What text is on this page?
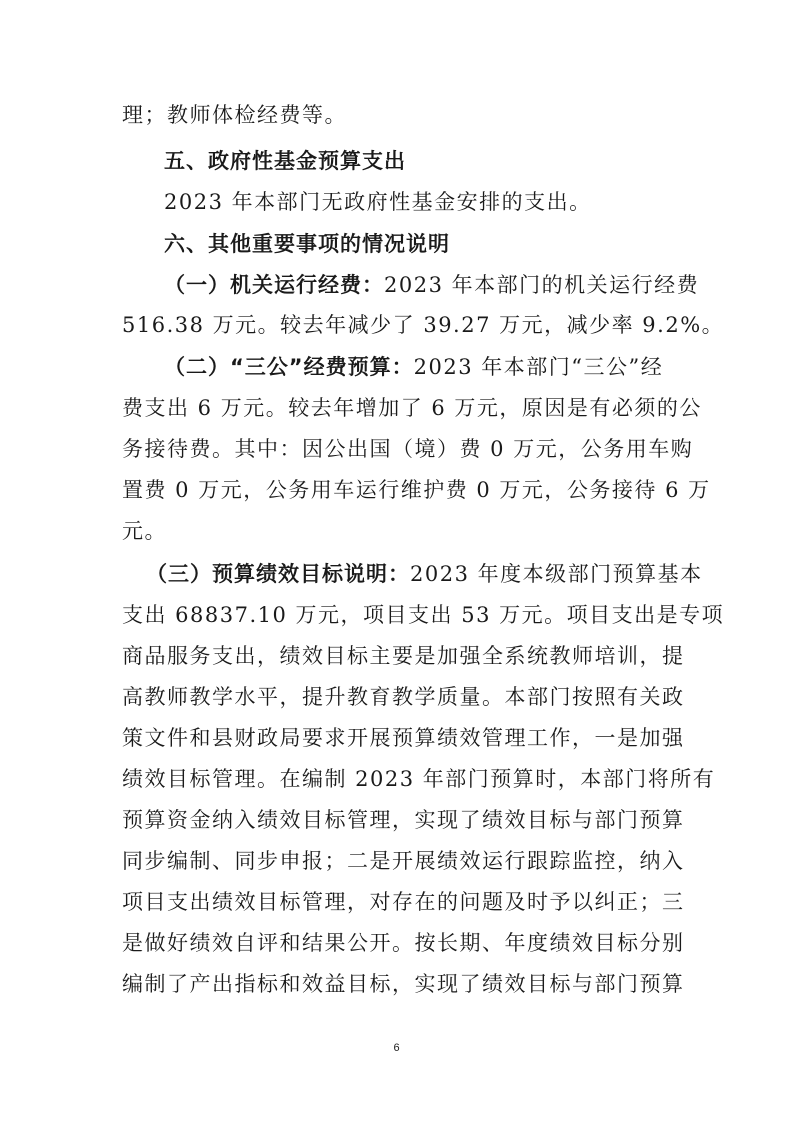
理；教师体检经费等。
五、政府性基金预算支出
2023 年本部门无政府性基金安排的支出。
六、其他重要事项的情况说明
（一）机关运行经费：2023 年本部门的机关运行经费
516.38 万元。较去年减少了 39.27 万元，减少率 9.2%。
（二）“三公”经费预算：2023 年本部门“三公”经
费支出 6 万元。较去年增加了 6 万元，原因是有必须的公
务接待费。其中：因公出国（境）费 0 万元，公务用车购
置费 0 万元，公务用车运行维护费 0 万元，公务接待 6 万
元。
（三）预算绩效目标说明：2023 年度本级部门预算基本
支出 68837.10 万元，项目支出 53 万元。项目支出是专项
商品服务支出，绩效目标主要是加强全系统教师培训，提
高教师教学水平，提升教育教学质量。本部门按照有关政
策文件和县财政局要求开展预算绩效管理工作，一是加强
绩效目标管理。在编制 2023 年部门预算时，本部门将所有
预算资金纳入绩效目标管理，实现了绩效目标与部门预算
同步编制、同步申报；二是开展绩效运行跟踪监控，纳入
项目支出绩效目标管理，对存在的问题及时予以纠正；三
是做好绩效自评和结果公开。按长期、年度绩效目标分别
编制了产出指标和效益目标，实现了绩效目标与部门预算
6
